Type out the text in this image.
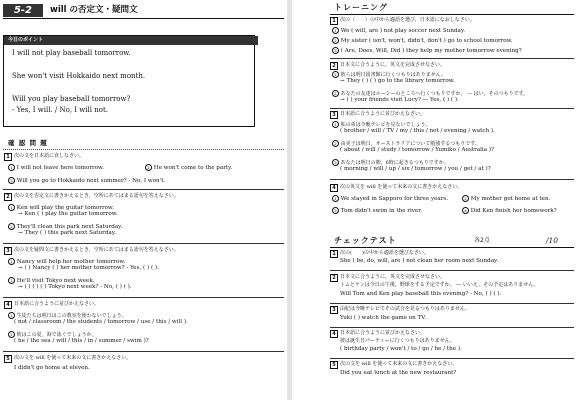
5-2	will の否定文・疑問文
今日のポイント
I will not play baseball tomorrow.
She won't visit Hokkaido next month.
Will you play baseball tomorrow?
- Yes, I will. / No, I will not.
確 認 問 題
1 次の文を日本語に直しなさい。
1 I will not leave here tomorrow.	2 He won't come to the party.
3 Will you go to Hokkaido next summer? - No, I won't.
2 次の文を否定文に書きかえるとき，空所にあてはまる語句を答えなさい。
1 Ken will play the guitar tomorrow.
→ Ken ( ) play the guitar tomorrow.
2 They'll clean this park next Saturday.
→ They ( ) this park next Saturday.
3 次の文を疑問文に書きかえるとき，空所にあてはまる語句を答えなさい。
1 Nancy will help her mother tomorrow.
→ ( ) Nancy ( ) her mother tomorrow? - Yes, ( ) ( ).
2 He'll visit Tokyo next week.
→ ( ) ( ) ( ) Tokyo next week? - No, ( ) ( ).
4 日本語に合うように並びかえなさい。
1 生徒たちは明日はこの教室を使わないでしょう。
( not / classroom / the students / tomorrow / use / this / will ).
2 彼はこの夏，海で泳ぐでしょうか。
( he / the sea / will / this / in / summer / swim )?
5 次の文を will を使って未来の文に書きかえなさい。
I didn't go home at eleven.
トレーニング
1 次の（　　）の中から適語を選び，日本語になおしなさい。
1 We ( will, are ) not play soccer next Sunday.
2 My sister ( isn't, won't, didn't, don't ) go to school tomorrow.
3 ( Are, Does, Will, Did ) they help my mother tomorrow evening?
2 日本文に合うように，英文を完成させなさい。
1 彼らは明日図書館に行くつもりはありません。
→ They ( ) ( ) go to the library tomorrow.
2 あなたの友達はルーシーのところへ行くつもりですか。 ― はい，そのつもりです。
→ ( ) your friends visit Lucy? ― Yes, ( ) ( ).
3 日本語に合うように並びかえなさい。
1 私の弟は今晩テレビを見ないでしょう。
( brother / will / TV / my / this / not / evening / watch ).
2 由美子は明日，オーストラリアについて勉強するつもりです。
( about / will / study / tomorrow / Yumiko / Australia )?
3 あなたは明日の朝，6時に起きるつもりですか。
( morning / will / up / six / tomorrow / you / get / at )?
4 次の英文を will を使って未来の文に書きかえなさい。
1 We stayed in Sapporo for three years.	2 My mother got home at ten.
3 Tom didn't swim in the river.	4 Did Ken finish her homework?
チェックテスト	各2点	/10
1 次の(　　)の中から適語を選びなさい。
She ( be, do, will, are ) not clean her room next Sunday.
2 日本文に合うように，英文を完成させなさい。
トムとケンは今日の午後，野球をする予定ですか。 ― いいえ，その予定はありません。
Will Tom and Ken play baseball this evening? - No, ( ) ( ).
3 由紀は今晩テレビでその試合を見るつもりはありません。
Yuki ( ) watch the game on TV.
4 日本語に合うように並びかえなさい。
彼は誕生日パーティーに行くつもりはありません。
( birthday party / won't / to / go / he / the ).
5 次の文を will を使って未来の文に書きかえなさい。
Did you eat lunch at the new restaurant?
